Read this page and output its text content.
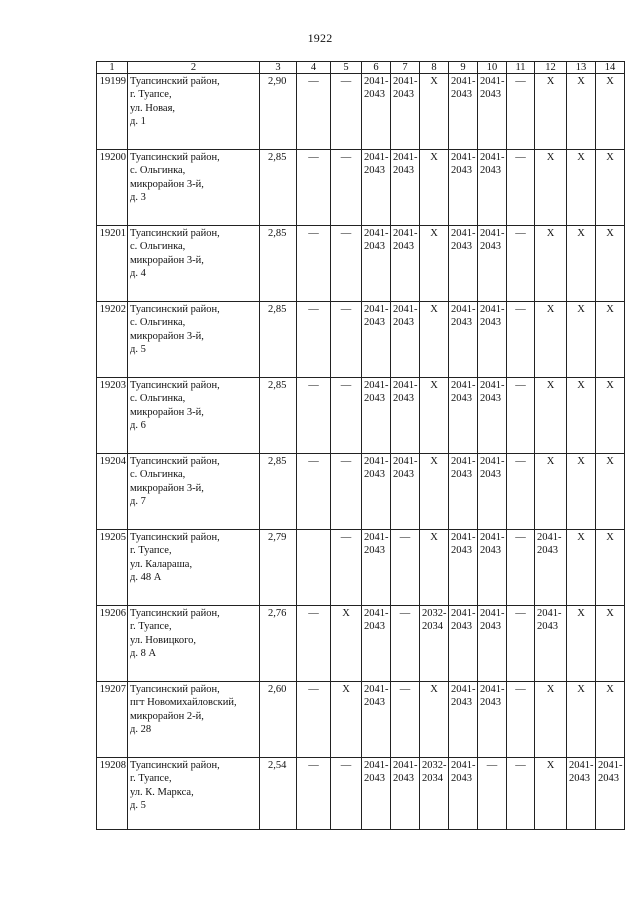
1922
1	2	3	4	5	6	7	8	9	10	11	12	13	14
19199	Туапсинский район,
г. Туапсе,
ул. Новая,
д. 1	2,90	—	—	2041-
2043	2041-
2043	X	2041-
2043	2041-
2043	—	X	X	X
19200	Туапсинский район,
с. Ольгинка,
микрорайон 3-й,
д. 3	2,85	—	—	2041-
2043	2041-
2043	X	2041-
2043	2041-
2043	—	X	X	X
19201	Туапсинский район,
с. Ольгинка,
микрорайон 3-й,
д. 4	2,85	—	—	2041-
2043	2041-
2043	X	2041-
2043	2041-
2043	—	X	X	X
19202	Туапсинский район,
с. Ольгинка,
микрорайон 3-й,
д. 5	2,85	—	—	2041-
2043	2041-
2043	X	2041-
2043	2041-
2043	—	X	X	X
19203	Туапсинский район,
с. Ольгинка,
микрорайон 3-й,
д. 6	2,85	—	—	2041-
2043	2041-
2043	X	2041-
2043	2041-
2043	—	X	X	X
19204	Туапсинский район,
с. Ольгинка,
микрорайон 3-й,
д. 7	2,85	—	—	2041-
2043	2041-
2043	X	2041-
2043	2041-
2043	—	X	X	X
19205	Туапсинский район,
г. Туапсе,
ул. Калараша,
д. 48 А	2,79		—	2041-
2043	—	X	2041-
2043	2041-
2043	—	2041-
2043	X	X
19206	Туапсинский район,
г. Туапсе,
ул. Новицкого,
д. 8 А	2,76	—	X	2041-
2043	—	2032-
2034	2041-
2043	2041-
2043	—	2041-
2043	X	X
19207	Туапсинский район,
пгт Новомихайловский,
микрорайон 2-й,
д. 28	2,60	—	X	2041-
2043	—	X	2041-
2043	2041-
2043	—	X	X	X
19208	Туапсинский район,
г. Туапсе,
ул. К. Маркса,
д. 5	2,54	—	—	2041-
2043	2041-
2043	2032-
2034	2041-
2043	—	—	X	2041-
2043	2041-
2043
